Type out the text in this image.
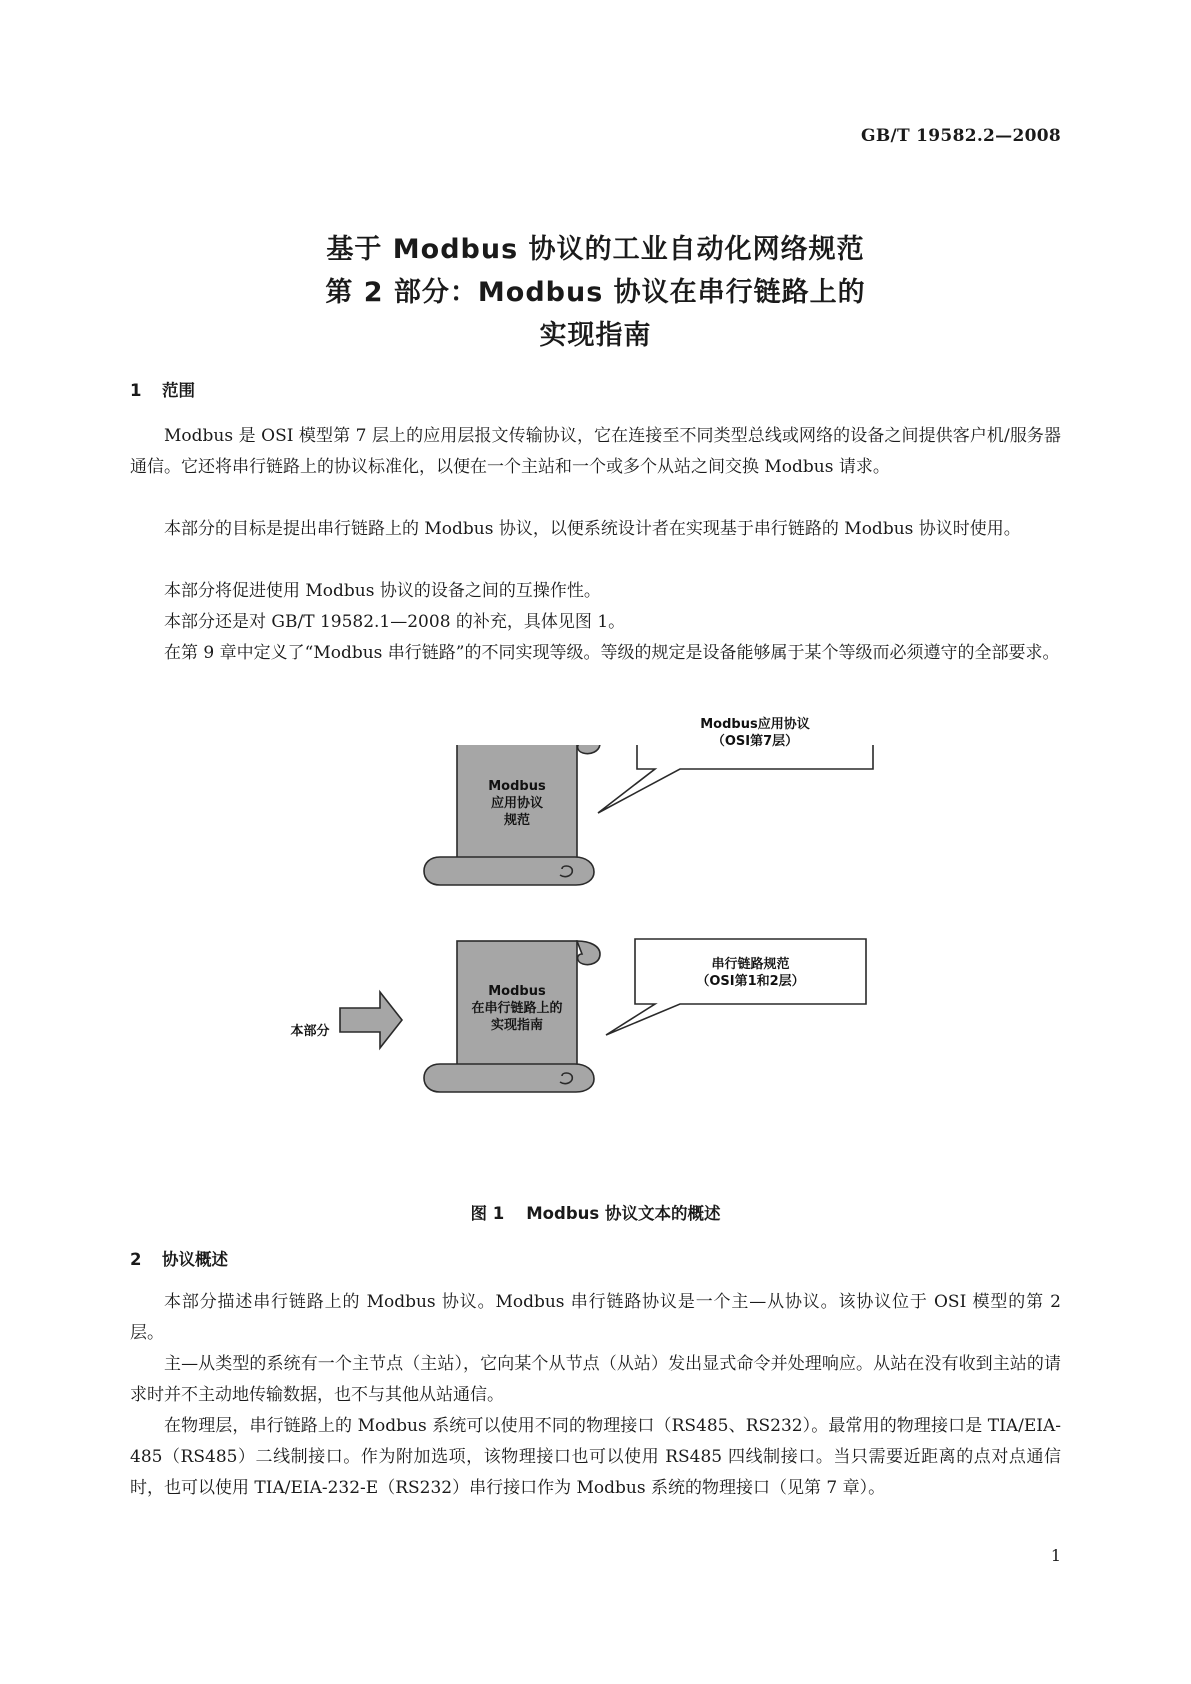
GB/T 19582.2—2008
基于 Modbus 协议的工业自动化网络规范
第 2 部分：Modbus 协议在串行链路上的
实现指南
1 范围

Modbus 是 OSI 模型第 7 层上的应用层报文传输协议，它在连接至不同类型总线或网络的设备之间提供客户机/服务器通信。它还将串行链路上的协议标准化，以便在一个主站和一个或多个从站之间交换 Modbus 请求。

本部分的目标是提出串行链路上的 Modbus 协议，以便系统设计者在实现基于串行链路的 Modbus 协议时使用。

本部分将促进使用 Modbus 协议的设备之间的互操作性。

本部分还是对 GB/T 19582.1—2008 的补充，具体见图 1。

在第 9 章中定义了“Modbus 串行链路”的不同实现等级。等级的规定是设备能够属于某个等级而必须遵守的全部要求。

Modbus
应用协议
规范
Modbus应用协议
（OSI第7层）
Modbus
在串行链路上的
实现指南
串行链路规范
（OSI第1和2层）
本部分
图 1 Modbus 协议文本的概述
2 协议概述

本部分描述串行链路上的 Modbus 协议。Modbus 串行链路协议是一个主—从协议。该协议位于 OSI 模型的第 2 层。

主—从类型的系统有一个主节点（主站），它向某个从节点（从站）发出显式命令并处理响应。从站在没有收到主站的请求时并不主动地传输数据，也不与其他从站通信。

在物理层，串行链路上的 Modbus 系统可以使用不同的物理接口（RS485、RS232）。最常用的物理接口是 TIA/EIA-485（RS485）二线制接口。作为附加选项，该物理接口也可以使用 RS485 四线制接口。当只需要近距离的点对点通信时，也可以使用 TIA/EIA-232-E（RS232）串行接口作为 Modbus 系统的物理接口（见第 7 章）。

1
